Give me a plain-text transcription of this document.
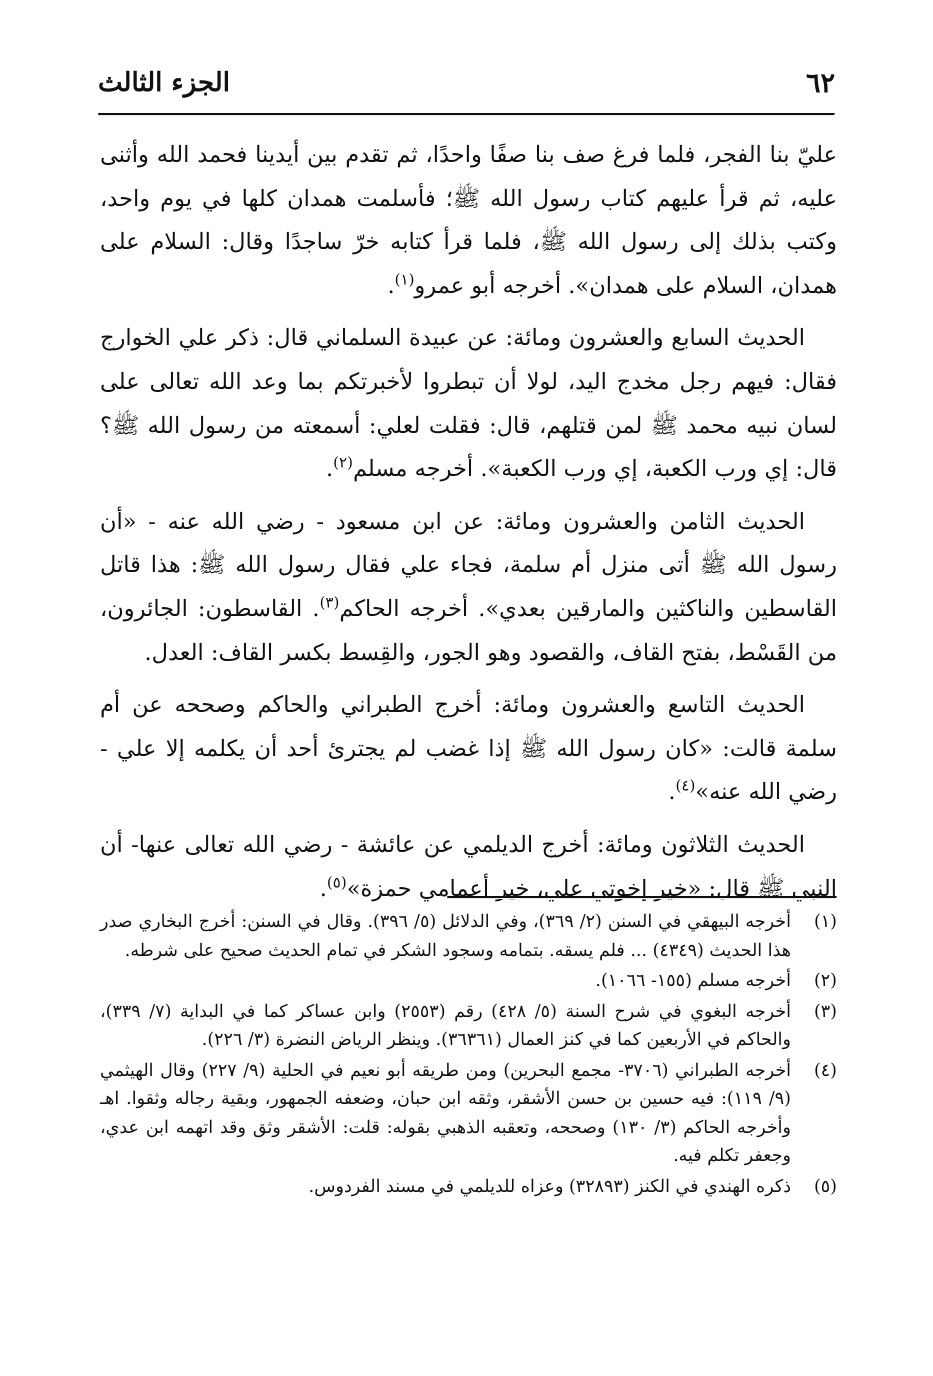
٦٢
الجزء الثالث

عليّ بنا الفجر، فلما فرغ صف بنا صفًا واحدًا، ثم تقدم بين أيدينا فحمد الله وأثنى عليه، ثم قرأ عليهم كتاب رسول الله ﷺ؛ فأسلمت همدان كلها في يوم واحد، وكتب بذلك إلى رسول الله ﷺ، فلما قرأ كتابه خرّ ساجدًا وقال: السلام على همدان، السلام على همدان». أخرجه أبو عمرو$^{(١)}$.

الحديث السابع والعشرون ومائة: عن عبيدة السلماني قال: ذكر علي الخوارج فقال: فيهم رجل مخدج اليد، لولا أن تبطروا لأخبرتكم بما وعد الله تعالى على لسان نبيه محمد ﷺ لمن قتلهم، قال: فقلت لعلي: أسمعته من رسول الله ﷺ؟ قال: إي ورب الكعبة، إي ورب الكعبة». أخرجه مسلم$^{(٢)}$.

الحديث الثامن والعشرون ومائة: عن ابن مسعود - رضي الله عنه - «أن رسول الله ﷺ أتى منزل أم سلمة، فجاء علي فقال رسول الله ﷺ: هذا قاتل القاسطين والناكثين والمارقين بعدي». أخرجه الحاكم$^{(٣)}$. القاسطون: الجائرون، من القَسْط، بفتح القاف، والقصود وهو الجور، والقِسط بكسر القاف: العدل.

الحديث التاسع والعشرون ومائة: أخرج الطبراني والحاكم وصححه عن أم سلمة قالت: «كان رسول الله ﷺ إذا غضب لم يجترئ أحد أن يكلمه إلا علي - رضي الله عنه»$^{(٤)}$.

الحديث الثلاثون ومائة: أخرج الديلمي عن عائشة - رضي الله تعالى عنها- أن النبي ﷺ قال: «خير إخوتي علي، خير أعمامي حمزة»$^{(٥)}$.

(١)
أخرجه البيهقي في السنن (٢/ ٣٦٩)، وفي الدلائل (٥/ ٣٩٦). وقال في السنن: أخرج البخاري صدر هذا الحديث (٤٣٤٩) ... فلم يسقه. بتمامه وسجود الشكر في تمام الحديث صحيح على شرطه.
(٢)
أخرجه مسلم (١٥٥- ١٠٦٦).
(٣)
أخرجه البغوي في شرح السنة (٥/ ٤٢٨) رقم (٢٥٥٣) وابن عساكر كما في البداية (٧/ ٣٣٩)، والحاكم في الأربعين كما في كنز العمال (٣٦٣٦١). وينظر الرياض النضرة (٣/ ٢٢٦).
(٤)
أخرجه الطبراني (٣٧٠٦- مجمع البحرين) ومن طريقه أبو نعيم في الحلية (٩/ ٢٢٧) وقال الهيثمي (٩/ ١١٩): فيه حسين بن حسن الأشقر، وثقه ابن حبان، وضعفه الجمهور، وبقية رجاله وثقوا. اهـ وأخرجه الحاكم (٣/ ١٣٠) وصححه، وتعقبه الذهبي بقوله: قلت: الأشقر وثق وقد اتهمه ابن عدي، وجعفر تكلم فيه.
(٥)
ذكره الهندي في الكنز (٣٢٨٩٣) وعزاه للديلمي في مسند الفردوس.
